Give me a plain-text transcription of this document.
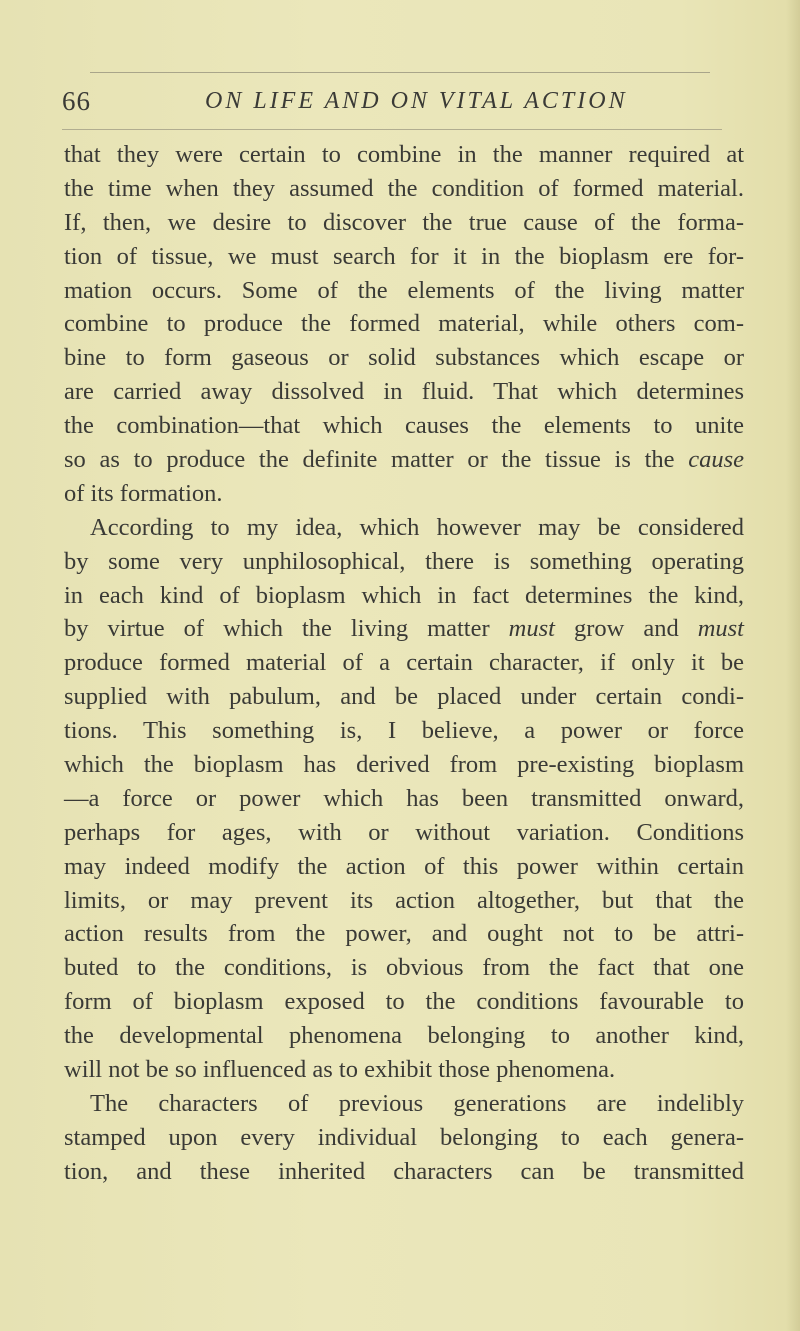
66	ON LIFE AND ON VITAL ACTION
that they were certain to combine in the manner required at
the time when they assumed the condition of formed material.
If, then, we desire to discover the true cause of the forma-
tion of tissue, we must search for it in the bioplasm ere for-
mation occurs. Some of the elements of the living matter
combine to produce the formed material, while others com-
bine to form gaseous or solid substances which escape or
are carried away dissolved in fluid. That which determines
the combination—that which causes the elements to unite
so as to produce the definite matter or the tissue is the cause
of its formation.
According to my idea, which however may be considered
by some very unphilosophical, there is something operating
in each kind of bioplasm which in fact determines the kind,
by virtue of which the living matter must grow and must
produce formed material of a certain character, if only it be
supplied with pabulum, and be placed under certain condi-
tions. This something is, I believe, a power or force
which the bioplasm has derived from pre-existing bioplasm
—a force or power which has been transmitted onward,
perhaps for ages, with or without variation. Conditions
may indeed modify the action of this power within certain
limits, or may prevent its action altogether, but that the
action results from the power, and ought not to be attri-
buted to the conditions, is obvious from the fact that one
form of bioplasm exposed to the conditions favourable to
the developmental phenomena belonging to another kind,
will not be so influenced as to exhibit those phenomena.
The characters of previous generations are indelibly
stamped upon every individual belonging to each genera-
tion, and these inherited characters can be transmitted
